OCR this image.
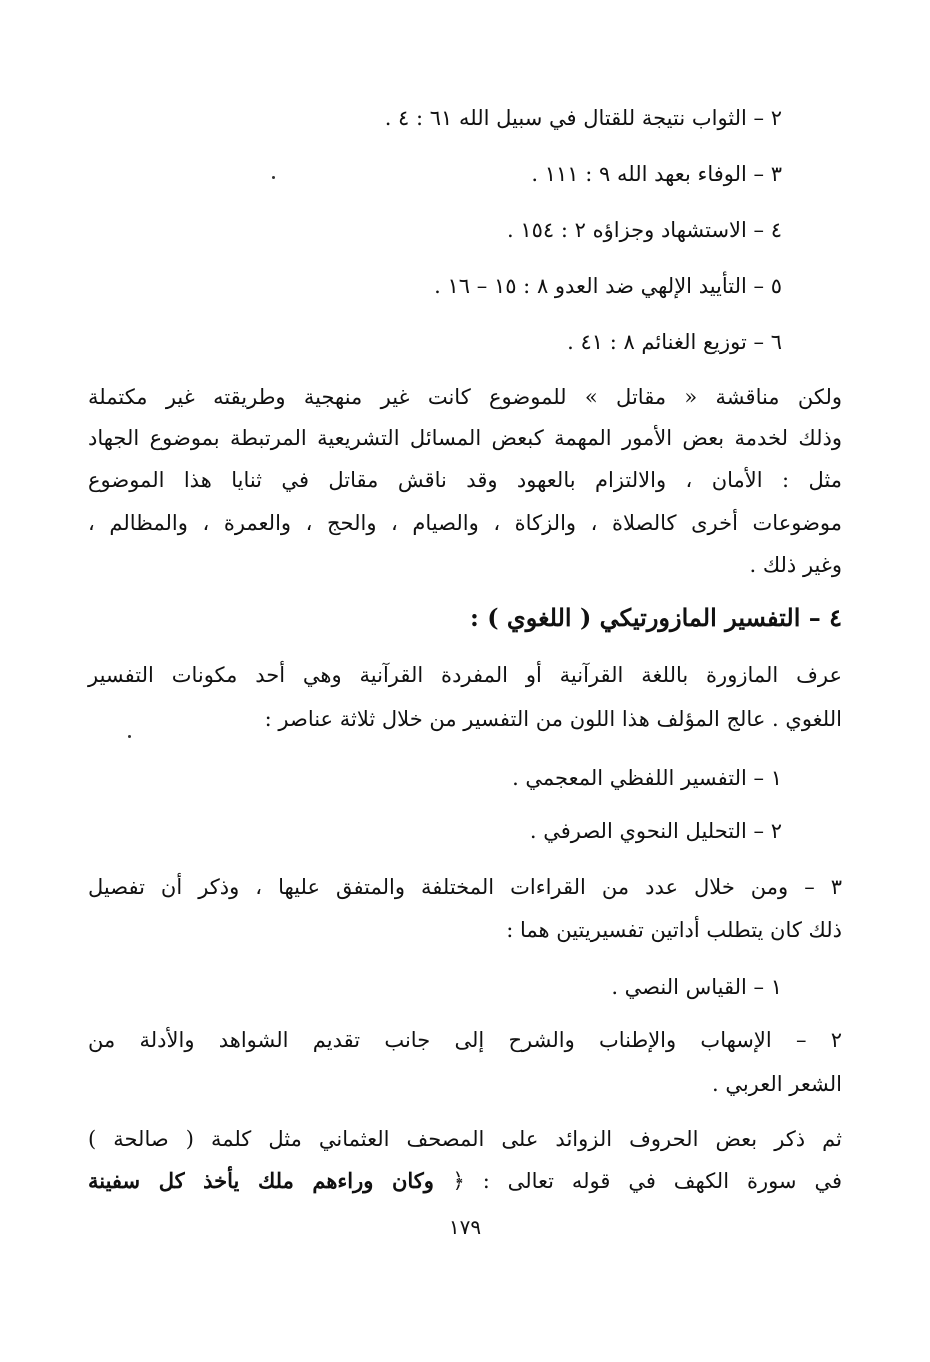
٢ – الثواب نتيجة للقتال في سبيل الله ٦١ : ٤ .
٣ – الوفاء بعهد الله ٩ : ١١١ .
٤ – الاستشهاد وجزاؤه ٢ : ١٥٤ .
٥ – التأييد الإلهي ضد العدو ٨ : ١٥ – ١٦ .
٦ – توزيع الغنائم ٨ : ٤١ .
ولكن مناقشة « مقاتل » للموضوع كانت غير منهجية وطريقته غير مكتملة
وذلك لخدمة بعض الأمور المهمة كبعض المسائل التشريعية المرتبطة بموضوع الجهاد
مثل : الأمان ، والالتزام بالعهود وقد ناقش مقاتل في ثنايا هذا الموضوع
موضوعات أخرى كالصلاة ، والزكاة ، والصيام ، والحج ، والعمرة ، والمظالم ،
وغير ذلك .
٤ – التفسير المازورتيكي ( اللغوي ) :
عرف المازورة باللغة القرآنية أو المفردة القرآنية وهي أحد مكونات التفسير
اللغوي . عالج المؤلف هذا اللون من التفسير من خلال ثلاثة عناصر :
١ – التفسير اللفظي المعجمي .
٢ – التحليل النحوي الصرفي .
٣ – ومن خلال عدد من القراءات المختلفة والمتفق عليها ، وذكر أن تفصيل
ذلك كان يتطلب أداتين تفسيريتين هما :
١ – القياس النصي .
٢ – الإسهاب والإطناب والشرح إلى جانب تقديم الشواهد والأدلة من
الشعر العربي .
ثم ذكر بعض الحروف الزوائد على المصحف العثماني مثل كلمة ( صالحة )
في سورة الكهف في قوله تعالى : ﴿ وكان وراءهم ملك يأخذ كل سفينة
١٧٩
